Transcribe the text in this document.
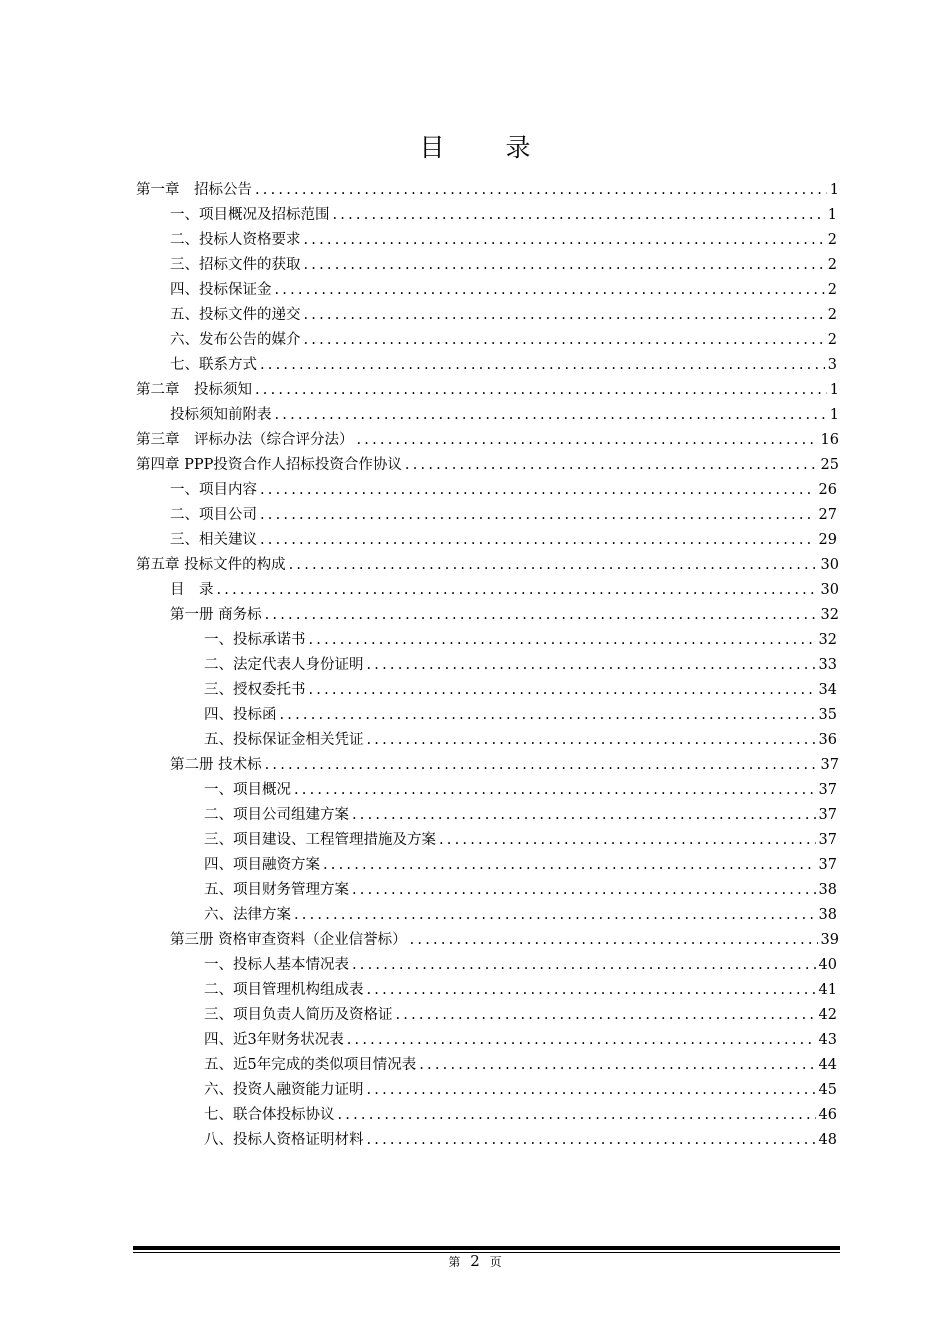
目　录
第一章　招标公告 .....	1
一、项目概况及招标范围 .....	1
二、投标人资格要求 .....	2
三、招标文件的获取 .....	2
四、投标保证金 .....	2
五、投标文件的递交 .....	2
六、发布公告的媒介 .....	2
七、联系方式 .....	3
第二章　投标须知 .....	1
投标须知前附表 .....	1
第三章　评标办法（综合评分法） .....	16
第四章 PPP投资合作人招标投资合作协议 .....	25
一、项目内容 .....	26
二、项目公司 .....	27
三、相关建议 .....	29
第五章 投标文件的构成 .....	30
目　录 .....	30
第一册 商务标 .....	32
一、投标承诺书 .....	32
二、法定代表人身份证明 .....	33
三、授权委托书 .....	34
四、投标函 .....	35
五、投标保证金相关凭证 .....	36
第二册 技术标 .....	37
一、项目概况 .....	37
二、项目公司组建方案 .....	37
三、项目建设、工程管理措施及方案 .....	37
四、项目融资方案 .....	37
五、项目财务管理方案 .....	38
六、法律方案 .....	38
第三册 资格审查资料（企业信誉标） .....	39
一、投标人基本情况表 .....	40
二、项目管理机构组成表 .....	41
三、项目负责人简历及资格证 .....	42
四、近3年财务状况表 .....	43
五、近5年完成的类似项目情况表 .....	44
六、投资人融资能力证明 .....	45
七、联合体投标协议 .....	46
八、投标人资格证明材料 .....	48
第 2 页
